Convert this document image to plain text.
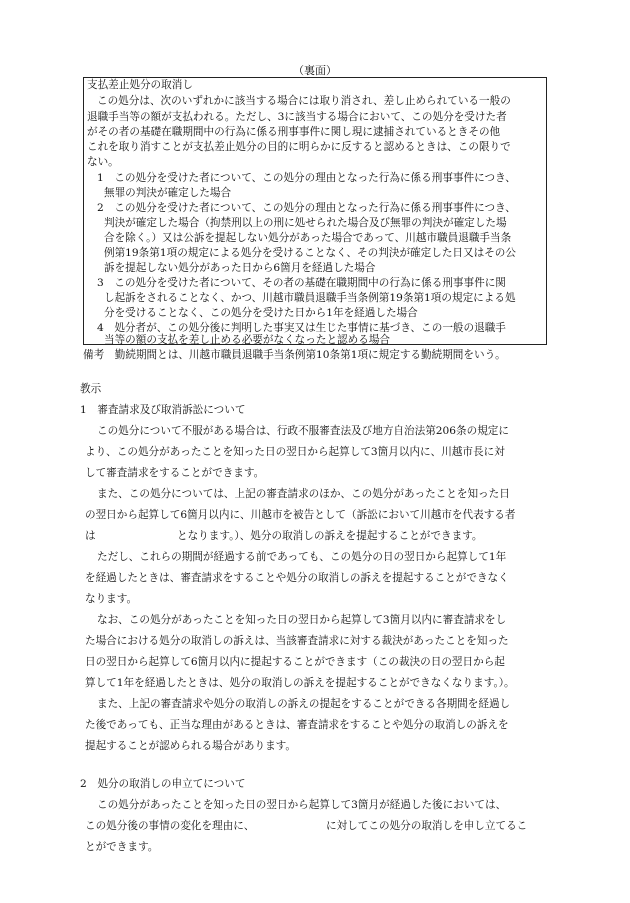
（裏面）
支払差止処分の取消し
この処分は、次のいずれかに該当する場合には取り消され、差し止められている一般の
退職手当等の額が支払われる。ただし、3に該当する場合において、この処分を受けた者
がその者の基礎在職期間中の行為に係る刑事事件に関し現に逮捕されているときその他
これを取り消すことが支払差止処分の目的に明らかに反すると認めるときは、この限りで
ない。
1　この処分を受けた者について、この処分の理由となった行為に係る刑事事件につき、
無罪の判決が確定した場合
2　この処分を受けた者について、この処分の理由となった行為に係る刑事事件につき、
判決が確定した場合（拘禁刑以上の刑に処せられた場合及び無罪の判決が確定した場
合を除く。）又は公訴を提起しない処分があった場合であって、川越市職員退職手当条
例第19条第1項の規定による処分を受けることなく、その判決が確定した日又はその公
訴を提起しない処分があった日から6箇月を経過した場合
3　この処分を受けた者について、その者の基礎在職期間中の行為に係る刑事事件に関
し起訴をされることなく、かつ、川越市職員退職手当条例第19条第1項の規定による処
分を受けることなく、この処分を受けた日から1年を経過した場合
4　処分者が、この処分後に判明した事実又は生じた事情に基づき、この一般の退職手
当等の額の支払を差し止める必要がなくなったと認める場合
備考　勤続期間とは、川越市職員退職手当条例第10条第1項に規定する勤続期間をいう。
教示
1　審査請求及び取消訴訟について
この処分について不服がある場合は、行政不服審査法及び地方自治法第206条の規定に
より、この処分があったことを知った日の翌日から起算して3箇月以内に、川越市長に対
して審査請求をすることができます。
また、この処分については、上記の審査請求のほか、この処分があったことを知った日
の翌日から起算して6箇月以内に、川越市を被告として（訴訟において川越市を代表する者
は	となります。）、処分の取消しの訴えを提起することができます。
ただし、これらの期間が経過する前であっても、この処分の日の翌日から起算して1年
を経過したときは、審査請求をすることや処分の取消しの訴えを提起することができなく
なります。
なお、この処分があったことを知った日の翌日から起算して3箇月以内に審査請求をし
た場合における処分の取消しの訴えは、当該審査請求に対する裁決があったことを知った
日の翌日から起算して6箇月以内に提起することができます（この裁決の日の翌日から起
算して1年を経過したときは、処分の取消しの訴えを提起することができなくなります。）。
また、上記の審査請求や処分の取消しの訴えの提起をすることができる各期間を経過し
た後であっても、正当な理由があるときは、審査請求をすることや処分の取消しの訴えを
提起することが認められる場合があります。
2　処分の取消しの申立てについて
この処分があったことを知った日の翌日から起算して3箇月が経過した後においては、
この処分後の事情の変化を理由に、	に対してこの処分の取消しを申し立てるこ
とができます。
